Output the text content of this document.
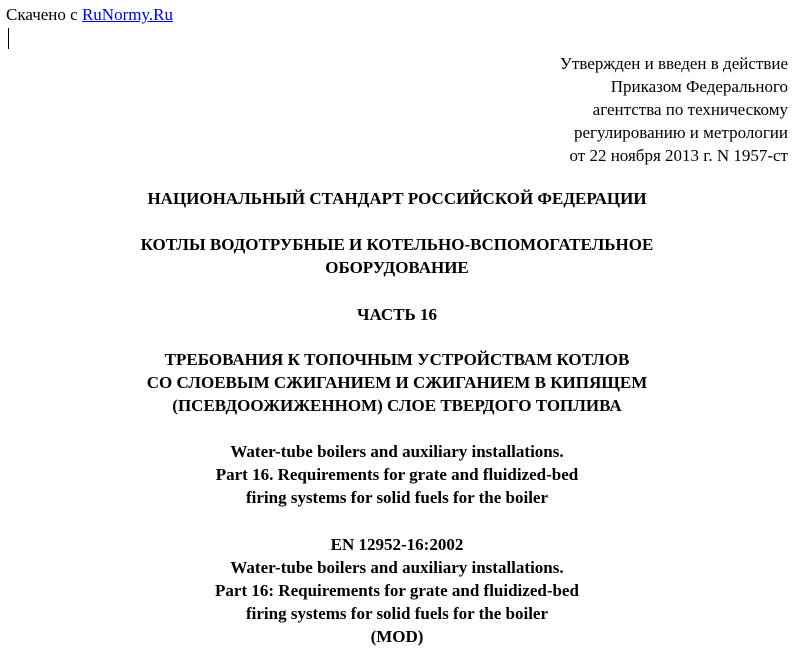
Скачено с RuNormy.Ru
Утвержден и введен в действие
Приказом Федерального
агентства по техническому
регулированию и метрологии
от 22 ноября 2013 г. N 1957-ст
НАЦИОНАЛЬНЫЙ СТАНДАРТ РОССИЙСКОЙ ФЕДЕРАЦИИ
КОТЛЫ ВОДОТРУБНЫЕ И КОТЕЛЬНО-ВСПОМОГАТЕЛЬНОЕ
ОБОРУДОВАНИЕ
ЧАСТЬ 16
ТРЕБОВАНИЯ К ТОПОЧНЫМ УСТРОЙСТВАМ КОТЛОВ
СО СЛОЕВЫМ СЖИГАНИЕМ И СЖИГАНИЕМ В КИПЯЩЕМ
(ПСЕВДООЖИЖЕННОМ) СЛОЕ ТВЕРДОГО ТОПЛИВА
Water-tube boilers and auxiliary installations.
Part 16. Requirements for grate and fluidized-bed
firing systems for solid fuels for the boiler
EN 12952-16:2002
Water-tube boilers and auxiliary installations.
Part 16: Requirements for grate and fluidized-bed
firing systems for solid fuels for the boiler
(MOD)
